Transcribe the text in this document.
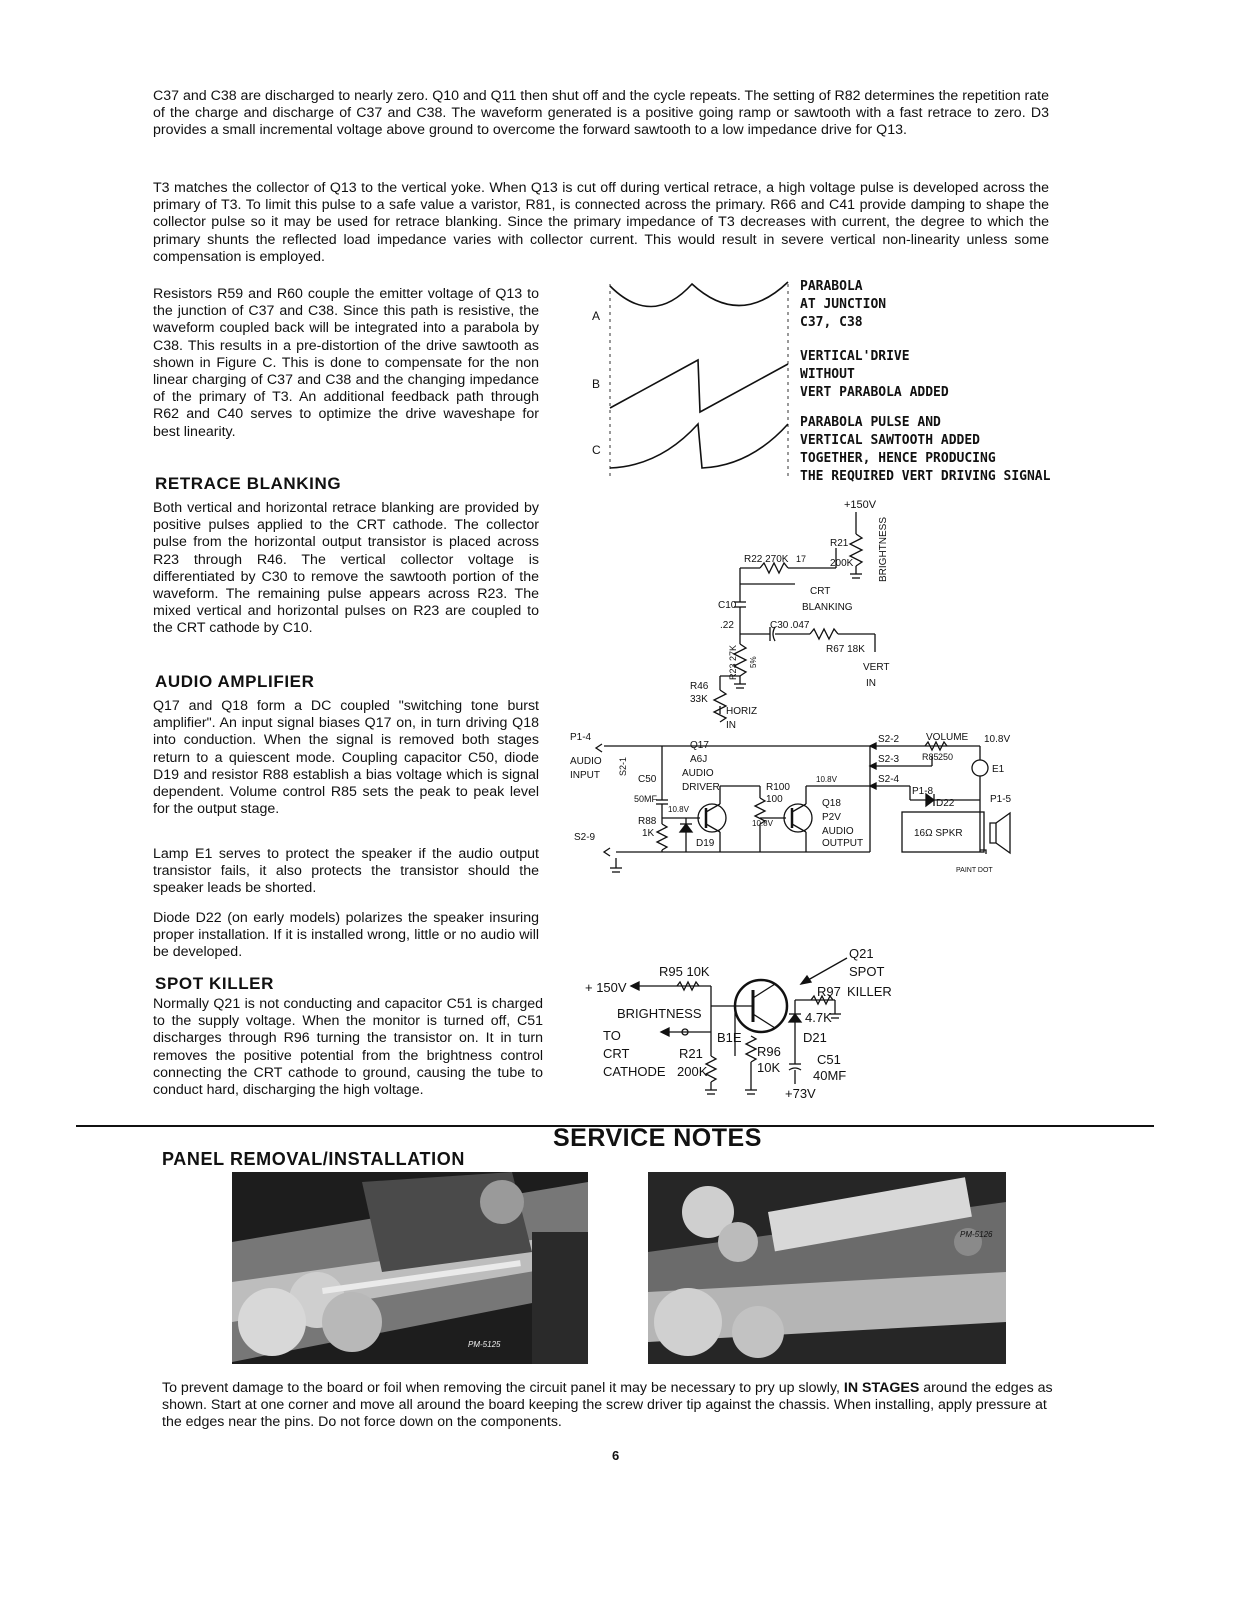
C37 and C38 are discharged to nearly zero. Q10 and Q11 then shut off and the cycle repeats. The setting of R82 determines the repetition rate of the charge and discharge of C37 and C38. The waveform generated is a positive going ramp or sawtooth with a fast retrace to zero. D3 provides a small incremental voltage above ground to overcome the forward sawtooth to a low impedance drive for Q13.

T3 matches the collector of Q13 to the vertical yoke. When Q13 is cut off during vertical retrace, a high voltage pulse is developed across the primary of T3. To limit this pulse to a safe value a varistor, R81, is connected across the primary. R66 and C41 provide damping to shape the collector pulse so it may be used for retrace blanking. Since the primary impedance of T3 decreases with current, the degree to which the primary shunts the reflected load impedance varies with collector current. This would result in severe vertical non-linearity unless some compensation is employed.

Resistors R59 and R60 couple the emitter voltage of Q13 to the junction of C37 and C38. Since this path is resistive, the waveform coupled back will be integrated into a parabola by C38. This results in a pre-distortion of the drive sawtooth as shown in Figure C. This is done to compensate for the non linear charging of C37 and C38 and the changing impedance of the primary of T3. An additional feedback path through R62 and C40 serves to optimize the drive waveshape for best linearity.

RETRACE BLANKING

Both vertical and horizontal retrace blanking are provided by positive pulses applied to the CRT cathode. The collector pulse from the horizontal output transistor is placed across R23 through R46. The vertical collector voltage is differentiated by C30 to remove the sawtooth portion of the waveform. The remaining pulse appears across R23. The mixed vertical and horizontal pulses on R23 are coupled to the CRT cathode by C10.

AUDIO AMPLIFIER

Q17 and Q18 form a DC coupled "switching tone burst amplifier". An input signal biases Q17 on, in turn driving Q18 into conduction. When the signal is removed both stages return to a quiescent mode. Coupling capacitor C50, diode D19 and resistor R88 establish a bias voltage which is signal dependent. Volume control R85 sets the peak to peak level for the output stage.

Lamp E1 serves to protect the speaker if the audio output transistor fails, it also protects the transistor should the speaker leads be shorted.

Diode D22 (on early models) polarizes the speaker insuring proper installation. If it is installed wrong, little or no audio will be developed.

SPOT KILLER

Normally Q21 is not conducting and capacitor C51 is charged to the supply voltage. When the monitor is turned off, C51 discharges through R96 turning the transistor on. It in turn removes the positive potential from the brightness control connecting the CRT cathode to ground, causing the tube to conduct hard, discharging the high voltage.

A
B
C
PARABOLA
AT JUNCTION
C37, C38
VERTICAL'DRIVE
WITHOUT
VERT PARABOLA ADDED
PARABOLA PULSE AND
VERTICAL SAWTOOTH ADDED
TOGETHER, HENCE PRODUCING
THE REQUIRED VERT DRIVING SIGNAL
+150V
BRIGHTNESS
R21
200K
R22 270K 17
CRT
BLANKING
C10
.22	C30 .047
R67 18K
R23 27K 5%	VERT
IN
R46
33K
HORIZ
IN
P1-4
AUDIO
INPUT S2-1
Q17
A6J
AUDIO
DRIVER
C50
50MF
R88
1K
10.8V
D19
S2-9
S2-2
S2-3
S2-4
VOLUME 10.8V
R85 250
E1
R100
100
10.8V
10.8V
Q18
P2V
AUDIO
OUTPUT
P1-8
D22	P1-5
16Ω SPKR
PAINT DOT
Q21
SPOT
KILLER
R95 10K
+ 150V
BRIGHTNESS
TO
CRT
CATHODE
R21
200K
B1E
R97
4.7K
D21
R96
10K
C51
40MF
+73V
SERVICE NOTES
PANEL REMOVAL/INSTALLATION
PM-5125
PM-5126

To prevent damage to the board or foil when removing the circuit panel it may be necessary to pry up slowly, IN STAGES around the edges as shown. Start at one corner and move all around the board keeping the screw driver tip against the chassis. When installing, apply pressure at the edges near the pins. Do not force down on the components.

6
